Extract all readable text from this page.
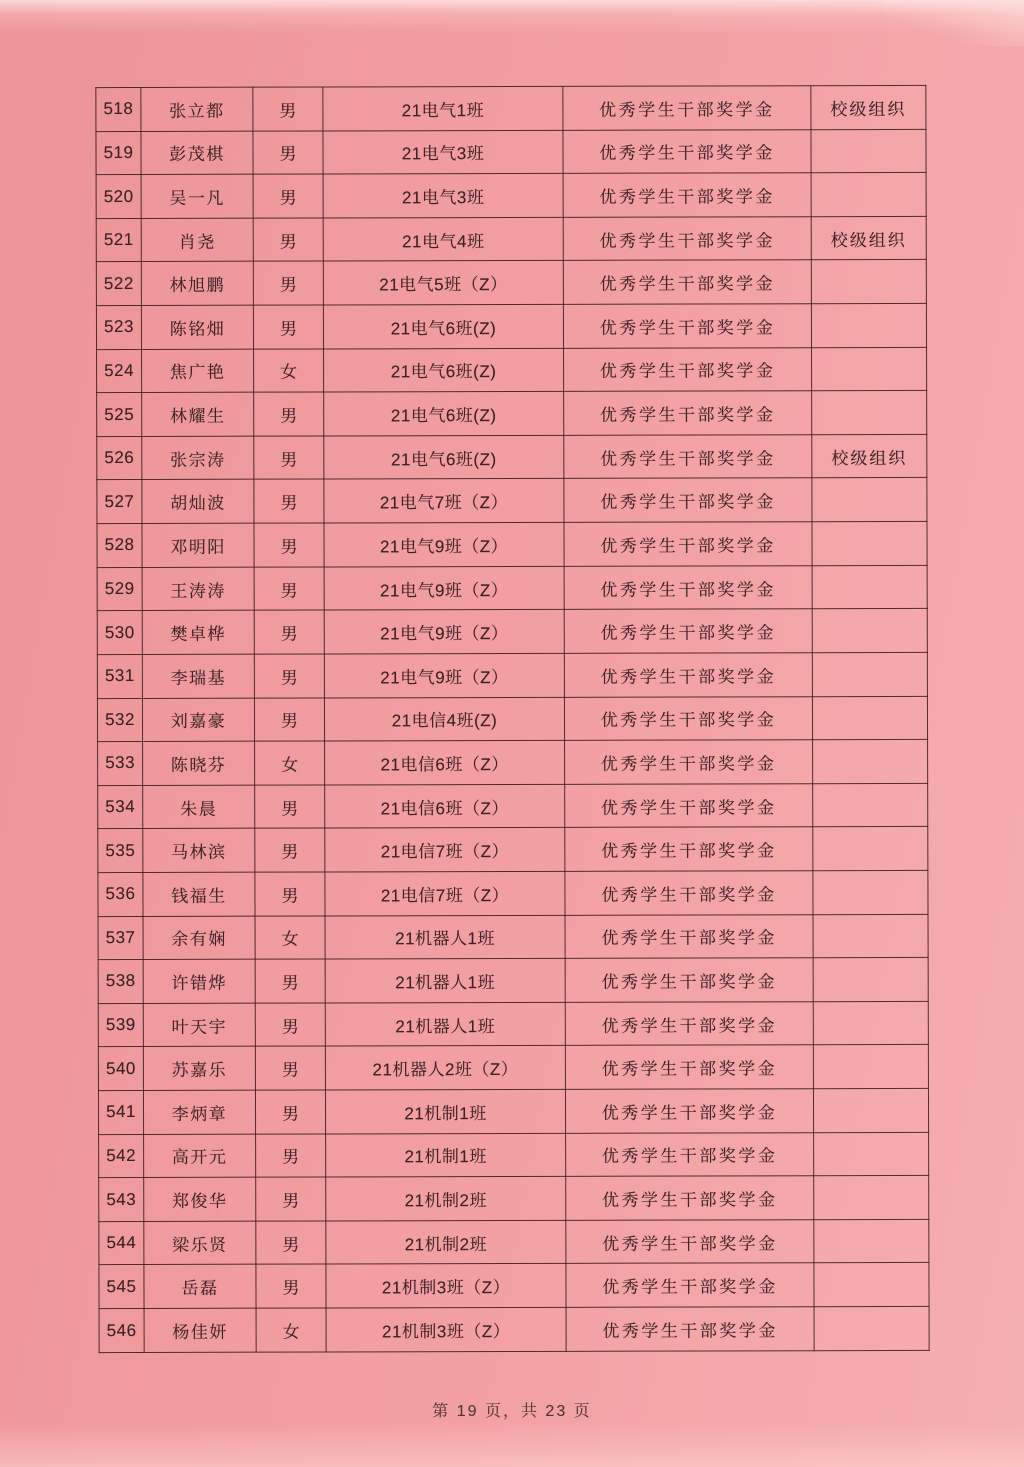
518	张立都	男	21电气1班	优秀学生干部奖学金	校级组织
519	彭茂棋	男	21电气3班	优秀学生干部奖学金	
520	吴一凡	男	21电气3班	优秀学生干部奖学金	
521	肖尧	男	21电气4班	优秀学生干部奖学金	校级组织
522	林旭鹏	男	21电气5班（Z）	优秀学生干部奖学金	
523	陈铭畑	男	21电气6班(Z)	优秀学生干部奖学金	
524	焦广艳	女	21电气6班(Z)	优秀学生干部奖学金	
525	林耀生	男	21电气6班(Z)	优秀学生干部奖学金	
526	张宗涛	男	21电气6班(Z)	优秀学生干部奖学金	校级组织
527	胡灿波	男	21电气7班（Z）	优秀学生干部奖学金	
528	邓明阳	男	21电气9班（Z）	优秀学生干部奖学金	
529	王涛涛	男	21电气9班（Z）	优秀学生干部奖学金	
530	樊卓桦	男	21电气9班（Z）	优秀学生干部奖学金	
531	李瑞基	男	21电气9班（Z）	优秀学生干部奖学金	
532	刘嘉豪	男	21电信4班(Z)	优秀学生干部奖学金	
533	陈晓芬	女	21电信6班（Z）	优秀学生干部奖学金	
534	朱晨	男	21电信6班（Z）	优秀学生干部奖学金	
535	马林滨	男	21电信7班（Z）	优秀学生干部奖学金	
536	钱福生	男	21电信7班（Z）	优秀学生干部奖学金	
537	余有娴	女	21机器人1班	优秀学生干部奖学金	
538	许错烨	男	21机器人1班	优秀学生干部奖学金	
539	叶天宇	男	21机器人1班	优秀学生干部奖学金	
540	苏嘉乐	男	21机器人2班（Z）	优秀学生干部奖学金	
541	李炳章	男	21机制1班	优秀学生干部奖学金	
542	高开元	男	21机制1班	优秀学生干部奖学金	
543	郑俊华	男	21机制2班	优秀学生干部奖学金	
544	梁乐贤	男	21机制2班	优秀学生干部奖学金	
545	岳磊	男	21机制3班（Z）	优秀学生干部奖学金	
546	杨佳妍	女	21机制3班（Z）	优秀学生干部奖学金	
第 19 页，共 23 页
